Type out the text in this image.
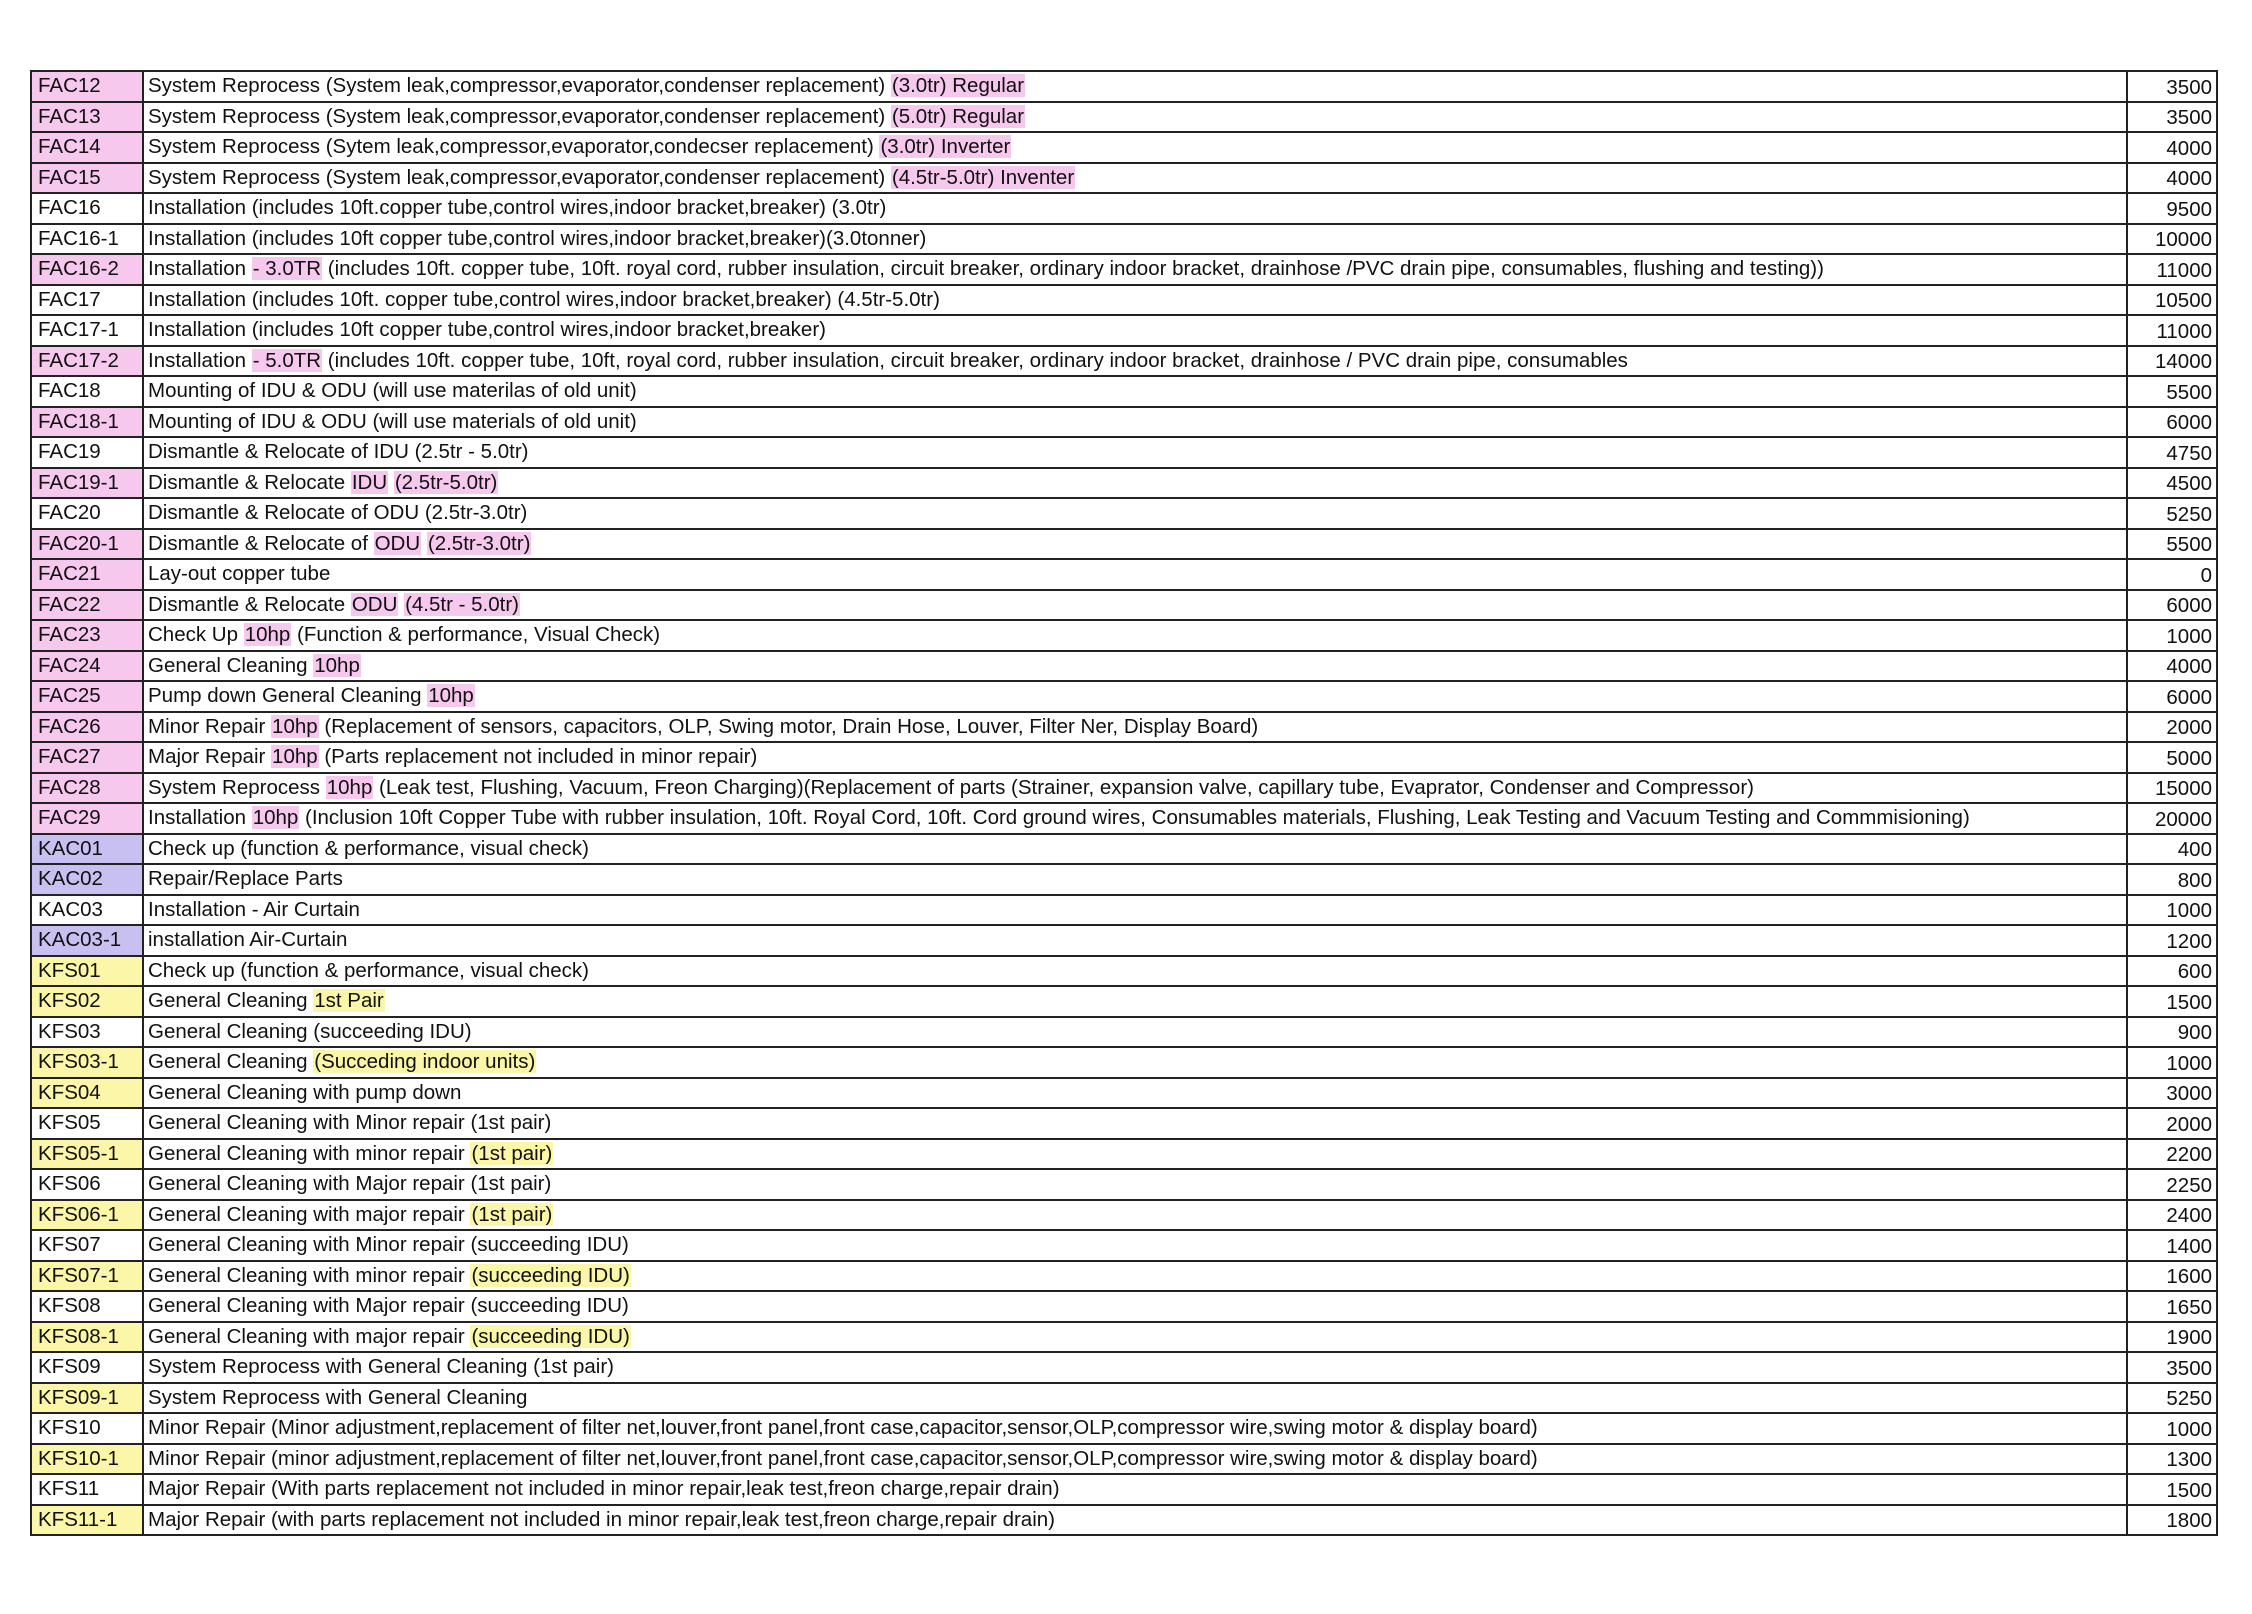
FAC12	System Reprocess (System leak,compressor,evaporator,condenser replacement) (3.0tr) Regular	3500
FAC13	System Reprocess (System leak,compressor,evaporator,condenser replacement) (5.0tr) Regular	3500
FAC14	System Reprocess (Sytem leak,compressor,evaporator,condecser replacement) (3.0tr) Inverter	4000
FAC15	System Reprocess (System leak,compressor,evaporator,condenser replacement) (4.5tr-5.0tr) Inventer	4000
FAC16	Installation (includes 10ft.copper tube,control wires,indoor bracket,breaker) (3.0tr)	9500
FAC16-1	Installation (includes 10ft copper tube,control wires,indoor bracket,breaker)(3.0tonner)	10000
FAC16-2	Installation - 3.0TR (includes 10ft. copper tube, 10ft. royal cord, rubber insulation, circuit breaker, ordinary indoor bracket, drainhose /PVC drain pipe, consumables, flushing and testing))	11000
FAC17	Installation (includes 10ft. copper tube,control wires,indoor bracket,breaker) (4.5tr-5.0tr)	10500
FAC17-1	Installation (includes 10ft copper tube,control wires,indoor bracket,breaker)	11000
FAC17-2	Installation - 5.0TR (includes 10ft. copper tube, 10ft, royal cord, rubber insulation, circuit breaker, ordinary indoor bracket, drainhose / PVC drain pipe, consumables	14000
FAC18	Mounting of IDU & ODU (will use materilas of old unit)	5500
FAC18-1	Mounting of IDU & ODU (will use materials of old unit)	6000
FAC19	Dismantle & Relocate of IDU (2.5tr - 5.0tr)	4750
FAC19-1	Dismantle & Relocate IDU (2.5tr-5.0tr)	4500
FAC20	Dismantle & Relocate of ODU (2.5tr-3.0tr)	5250
FAC20-1	Dismantle & Relocate of ODU (2.5tr-3.0tr)	5500
FAC21	Lay-out copper tube	0
FAC22	Dismantle & Relocate ODU (4.5tr - 5.0tr)	6000
FAC23	Check Up 10hp (Function & performance, Visual Check)	1000
FAC24	General Cleaning 10hp	4000
FAC25	Pump down General Cleaning 10hp	6000
FAC26	Minor Repair 10hp (Replacement of sensors, capacitors, OLP, Swing motor, Drain Hose, Louver, Filter Ner, Display Board)	2000
FAC27	Major Repair 10hp (Parts replacement not included in minor repair)	5000
FAC28	System Reprocess 10hp (Leak test, Flushing, Vacuum, Freon Charging)(Replacement of parts (Strainer, expansion valve, capillary tube, Evaprator, Condenser and Compressor)	15000
FAC29	Installation 10hp (Inclusion 10ft Copper Tube with rubber insulation, 10ft. Royal Cord, 10ft. Cord ground wires, Consumables materials, Flushing, Leak Testing and Vacuum Testing and Commmisioning)	20000
KAC01	Check up (function & performance, visual check)	400
KAC02	Repair/Replace Parts	800
KAC03	Installation - Air Curtain	1000
KAC03-1	installation Air-Curtain	1200
KFS01	Check up (function & performance, visual check)	600
KFS02	General Cleaning 1st Pair	1500
KFS03	General Cleaning (succeeding IDU)	900
KFS03-1	General Cleaning (Succeding indoor units)	1000
KFS04	General Cleaning with pump down	3000
KFS05	General Cleaning with Minor repair (1st pair)	2000
KFS05-1	General Cleaning with minor repair (1st pair)	2200
KFS06	General Cleaning with Major repair (1st pair)	2250
KFS06-1	General Cleaning with major repair (1st pair)	2400
KFS07	General Cleaning with Minor repair (succeeding IDU)	1400
KFS07-1	General Cleaning with minor repair (succeeding IDU)	1600
KFS08	General Cleaning with Major repair (succeeding IDU)	1650
KFS08-1	General Cleaning with major repair (succeeding IDU)	1900
KFS09	System Reprocess with General Cleaning (1st pair)	3500
KFS09-1	System Reprocess with General Cleaning	5250
KFS10	Minor Repair (Minor adjustment,replacement of filter net,louver,front panel,front case,capacitor,sensor,OLP,compressor wire,swing motor & display board)	1000
KFS10-1	Minor Repair (minor adjustment,replacement of filter net,louver,front panel,front case,capacitor,sensor,OLP,compressor wire,swing motor & display board)	1300
KFS11	Major Repair (With parts replacement not included in minor repair,leak test,freon charge,repair drain)	1500
KFS11-1	Major Repair (with parts replacement not included in minor repair,leak test,freon charge,repair drain)	1800
